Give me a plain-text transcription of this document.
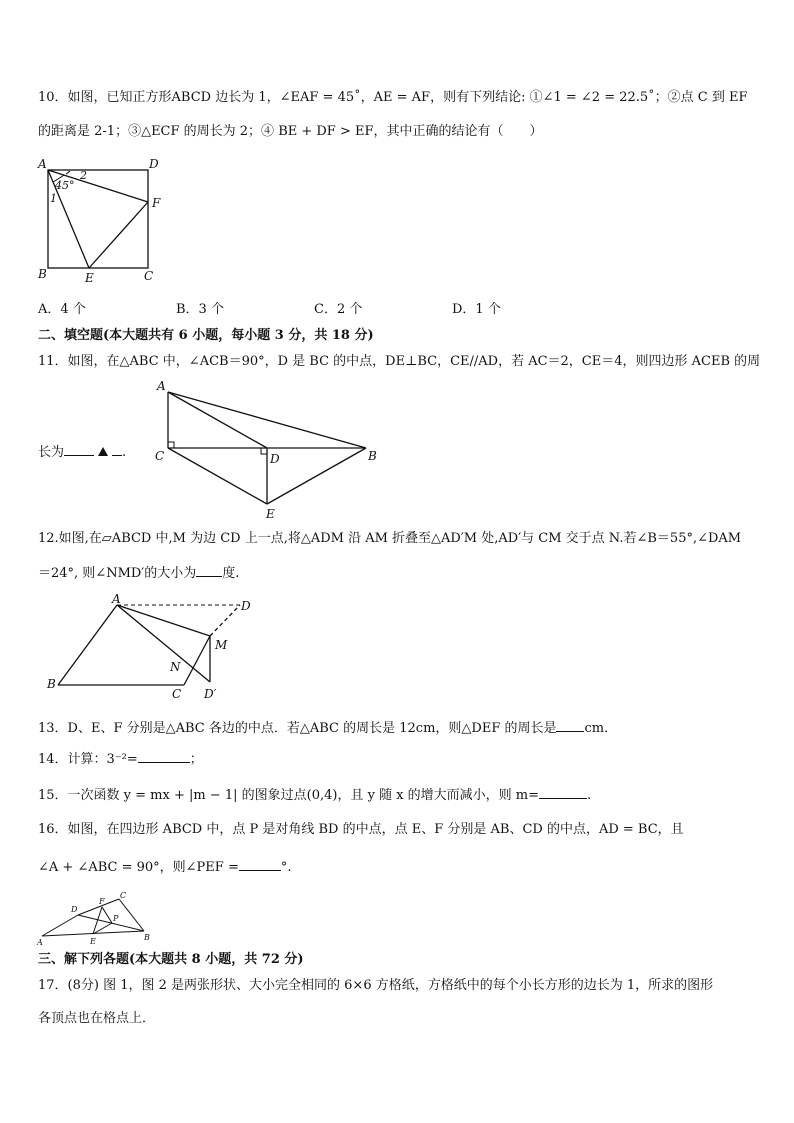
10．如图，已知正方形ABCD 边长为 1，∠EAF = 45˚，AE = AF，则有下列结论: ①∠1 = ∠2 = 22.5˚；②点 C 到 EF
的距离是 2-1；③△ECF 的周长为 2；④ BE + DF > EF，其中正确的结论有（　　）
A	D
B	C
E
F
45°
1
2
A．4 个	B．3 个	C．2 个	D．1 个
二、填空题(本大题共有 6 小题，每小题 3 分，共 18 分)
11．如图，在△ABC 中，∠ACB＝90°，D 是 BC 的中点，DE⊥BC，CE//AD，若 AC＝2，CE＝4，则四边形 ACEB 的周
长为	.
A
C	D	B
E
12.如图,在▱ABCD 中,M 为边 CD 上一点,将△ADM 沿 AM 折叠至△AD′M 处,AD′与 CM 交于点 N.若∠B＝55°,∠DAM
＝24°, 则∠NMD′的大小为 度.
A	D
M
N
B
C D′
13．D、E、F 分别是△ABC 各边的中点．若△ABC 的周长是 12cm，则△DEF 的周长是 cm．
14．计算：3⁻²=	；
15．一次函数 y = mx + |m − 1| 的图象过点(0,4)，且 y 随 x 的增大而减小，则 m=	.
16．如图，在四边形 ABCD 中，点 P 是对角线 BD 的中点，点 E、F 分别是 AB、CD 的中点，AD = BC，且
∠A + ∠ABC = 90°，则∠PEF =	°.
A
B
C
D
E
F
P
三、解下列各题(本大题共 8 小题，共 72 分)
17．(8分) 图 1，图 2 是两张形状、大小完全相同的 6×6 方格纸，方格纸中的每个小长方形的边长为 1，所求的图形
各顶点也在格点上．
